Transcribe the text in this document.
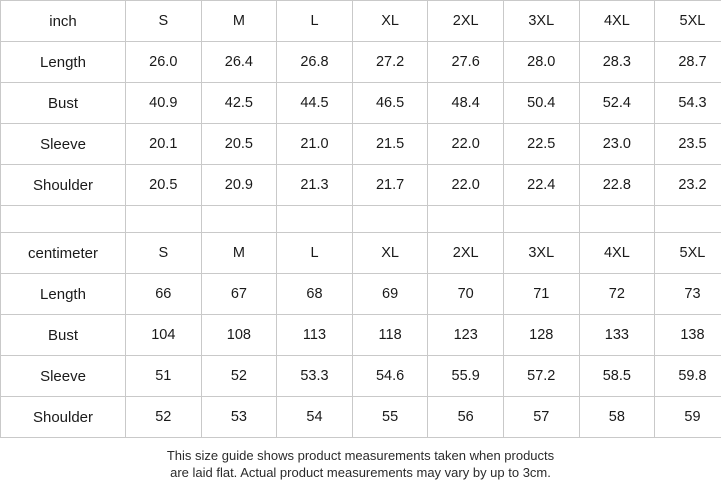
inch	S	M	L	XL	2XL	3XL	4XL	5XL
Length	26.0	26.4	26.8	27.2	27.6	28.0	28.3	28.7
Bust	40.9	42.5	44.5	46.5	48.4	50.4	52.4	54.3
Sleeve	20.1	20.5	21.0	21.5	22.0	22.5	23.0	23.5
Shoulder	20.5	20.9	21.3	21.7	22.0	22.4	22.8	23.2

centimeter	S	M	L	XL	2XL	3XL	4XL	5XL
Length	66	67	68	69	70	71	72	73
Bust	104	108	113	118	123	128	133	138
Sleeve	51	52	53.3	54.6	55.9	57.2	58.5	59.8
Shoulder	52	53	54	55	56	57	58	59
This size guide shows product measurements taken when products
are laid flat. Actual product measurements may vary by up to 3cm.
